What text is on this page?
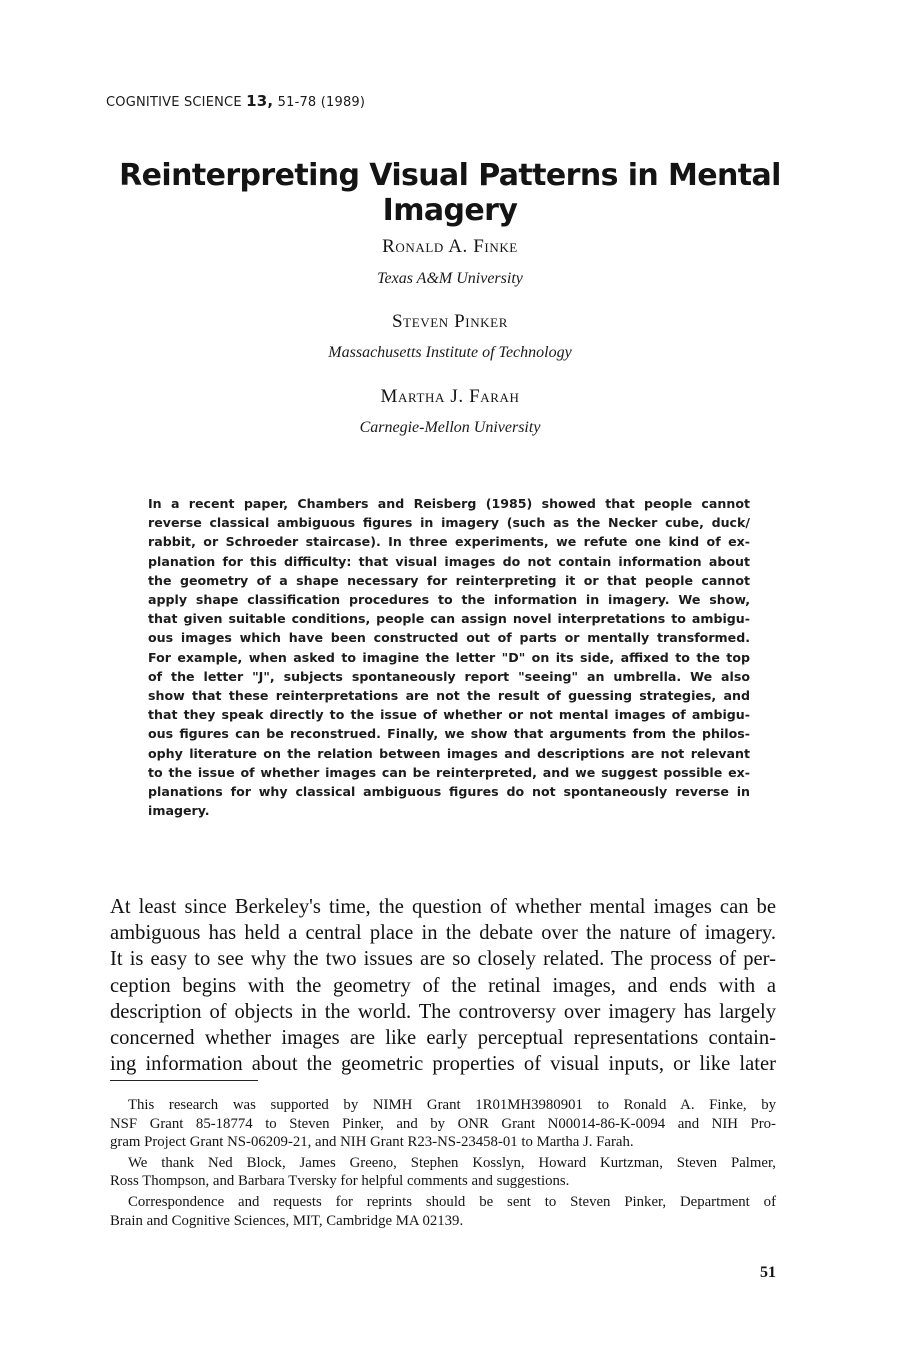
COGNITIVE SCIENCE 13, 51-78 (1989)
Reinterpreting Visual Patterns in Mental Imagery
Ronald A. Finke
Texas A&M University
Steven Pinker
Massachusetts Institute of Technology
Martha J. Farah
Carnegie-Mellon University
In a recent paper, Chambers and Reisberg (1985) showed that people cannot
reverse classical ambiguous figures in imagery (such as the Necker cube, duck/
rabbit, or Schroeder staircase). In three experiments, we refute one kind of ex-
planation for this difficulty: that visual images do not contain information about
the geometry of a shape necessary for reinterpreting it or that people cannot
apply shape classification procedures to the information in imagery. We show,
that given suitable conditions, people can assign novel interpretations to ambigu-
ous images which have been constructed out of parts or mentally transformed.
For example, when asked to imagine the letter "D" on its side, affixed to the top
of the letter "J", subjects spontaneously report "seeing" an umbrella. We also
show that these reinterpretations are not the result of guessing strategies, and
that they speak directly to the issue of whether or not mental images of ambigu-
ous figures can be reconstrued. Finally, we show that arguments from the philos-
ophy literature on the relation between images and descriptions are not relevant
to the issue of whether images can be reinterpreted, and we suggest possible ex-
planations for why classical ambiguous figures do not spontaneously reverse in
imagery.
At least since Berkeley's time, the question of whether mental images can be
ambiguous has held a central place in the debate over the nature of imagery.
It is easy to see why the two issues are so closely related. The process of per-
ception begins with the geometry of the retinal images, and ends with a
description of objects in the world. The controversy over imagery has largely
concerned whether images are like early perceptual representations contain-
ing information about the geometric properties of visual inputs, or like later
This research was supported by NIMH Grant 1R01MH3980901 to Ronald A. Finke, by
NSF Grant 85-18774 to Steven Pinker, and by ONR Grant N00014-86-K-0094 and NIH Pro-
gram Project Grant NS-06209-21, and NIH Grant R23-NS-23458-01 to Martha J. Farah.
We thank Ned Block, James Greeno, Stephen Kosslyn, Howard Kurtzman, Steven Palmer,
Ross Thompson, and Barbara Tversky for helpful comments and suggestions.
Correspondence and requests for reprints should be sent to Steven Pinker, Department of
Brain and Cognitive Sciences, MIT, Cambridge MA 02139.
51
